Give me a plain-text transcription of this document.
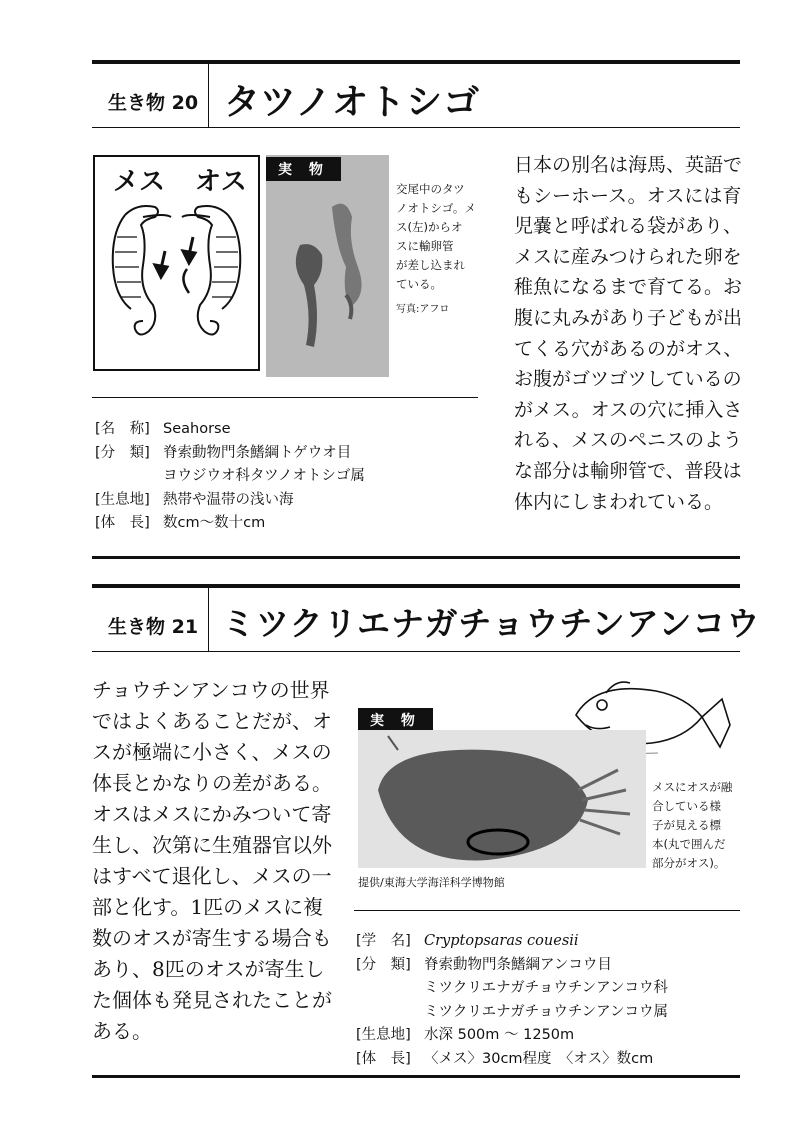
生き物 20 タツノオトシゴ
メス オス	実 物
交尾中のタツ
ノオトシゴ。メ
ス(左)からオ
スに輸卵管
が差し込まれ
ている。
写真:アフロ
[名　称] Seahorse
[分　類] 脊索動物門条鰭綱トゲウオ目
ヨウジウオ科タツノオトシゴ属
[生息地] 熱帯や温帯の浅い海
[体　長] 数cm〜数十cm
日本の別名は海馬、英語で
もシーホース。オスには育
児嚢と呼ばれる袋があり、
メスに産みつけられた卵を
稚魚になるまで育てる。お
腹に丸みがあり子どもが出
てくる穴があるのがオス、
お腹がゴツゴツしているの
がメス。オスの穴に挿入さ
れる、メスのペニスのよう
な部分は輸卵管で、普段は
体内にしまわれている。
生き物 21 ミツクリエナガチョウチンアンコウ
チョウチンアンコウの世界
ではよくあることだが、オ
スが極端に小さく、メスの
体長とかなりの差がある。
オスはメスにかみついて寄
生し、次第に生殖器官以外
はすべて退化し、メスの一
部と化す。1匹のメスに複
数のオスが寄生する場合も
あり、8匹のオスが寄生し
た個体も発見されたことが
ある。
実 物
提供/東海大学海洋科学博物館
メスにオスが融
合している様
子が見える標
本(丸で囲んだ
部分がオス)。
[学　名] Cryptopsaras couesii
[分　類] 脊索動物門条鰭綱アンコウ目
ミツクリエナガチョウチンアンコウ科
ミツクリエナガチョウチンアンコウ属
[生息地] 水深 500m 〜 1250m
[体　長] 〈メス〉30cm程度　〈オス〉数cm
